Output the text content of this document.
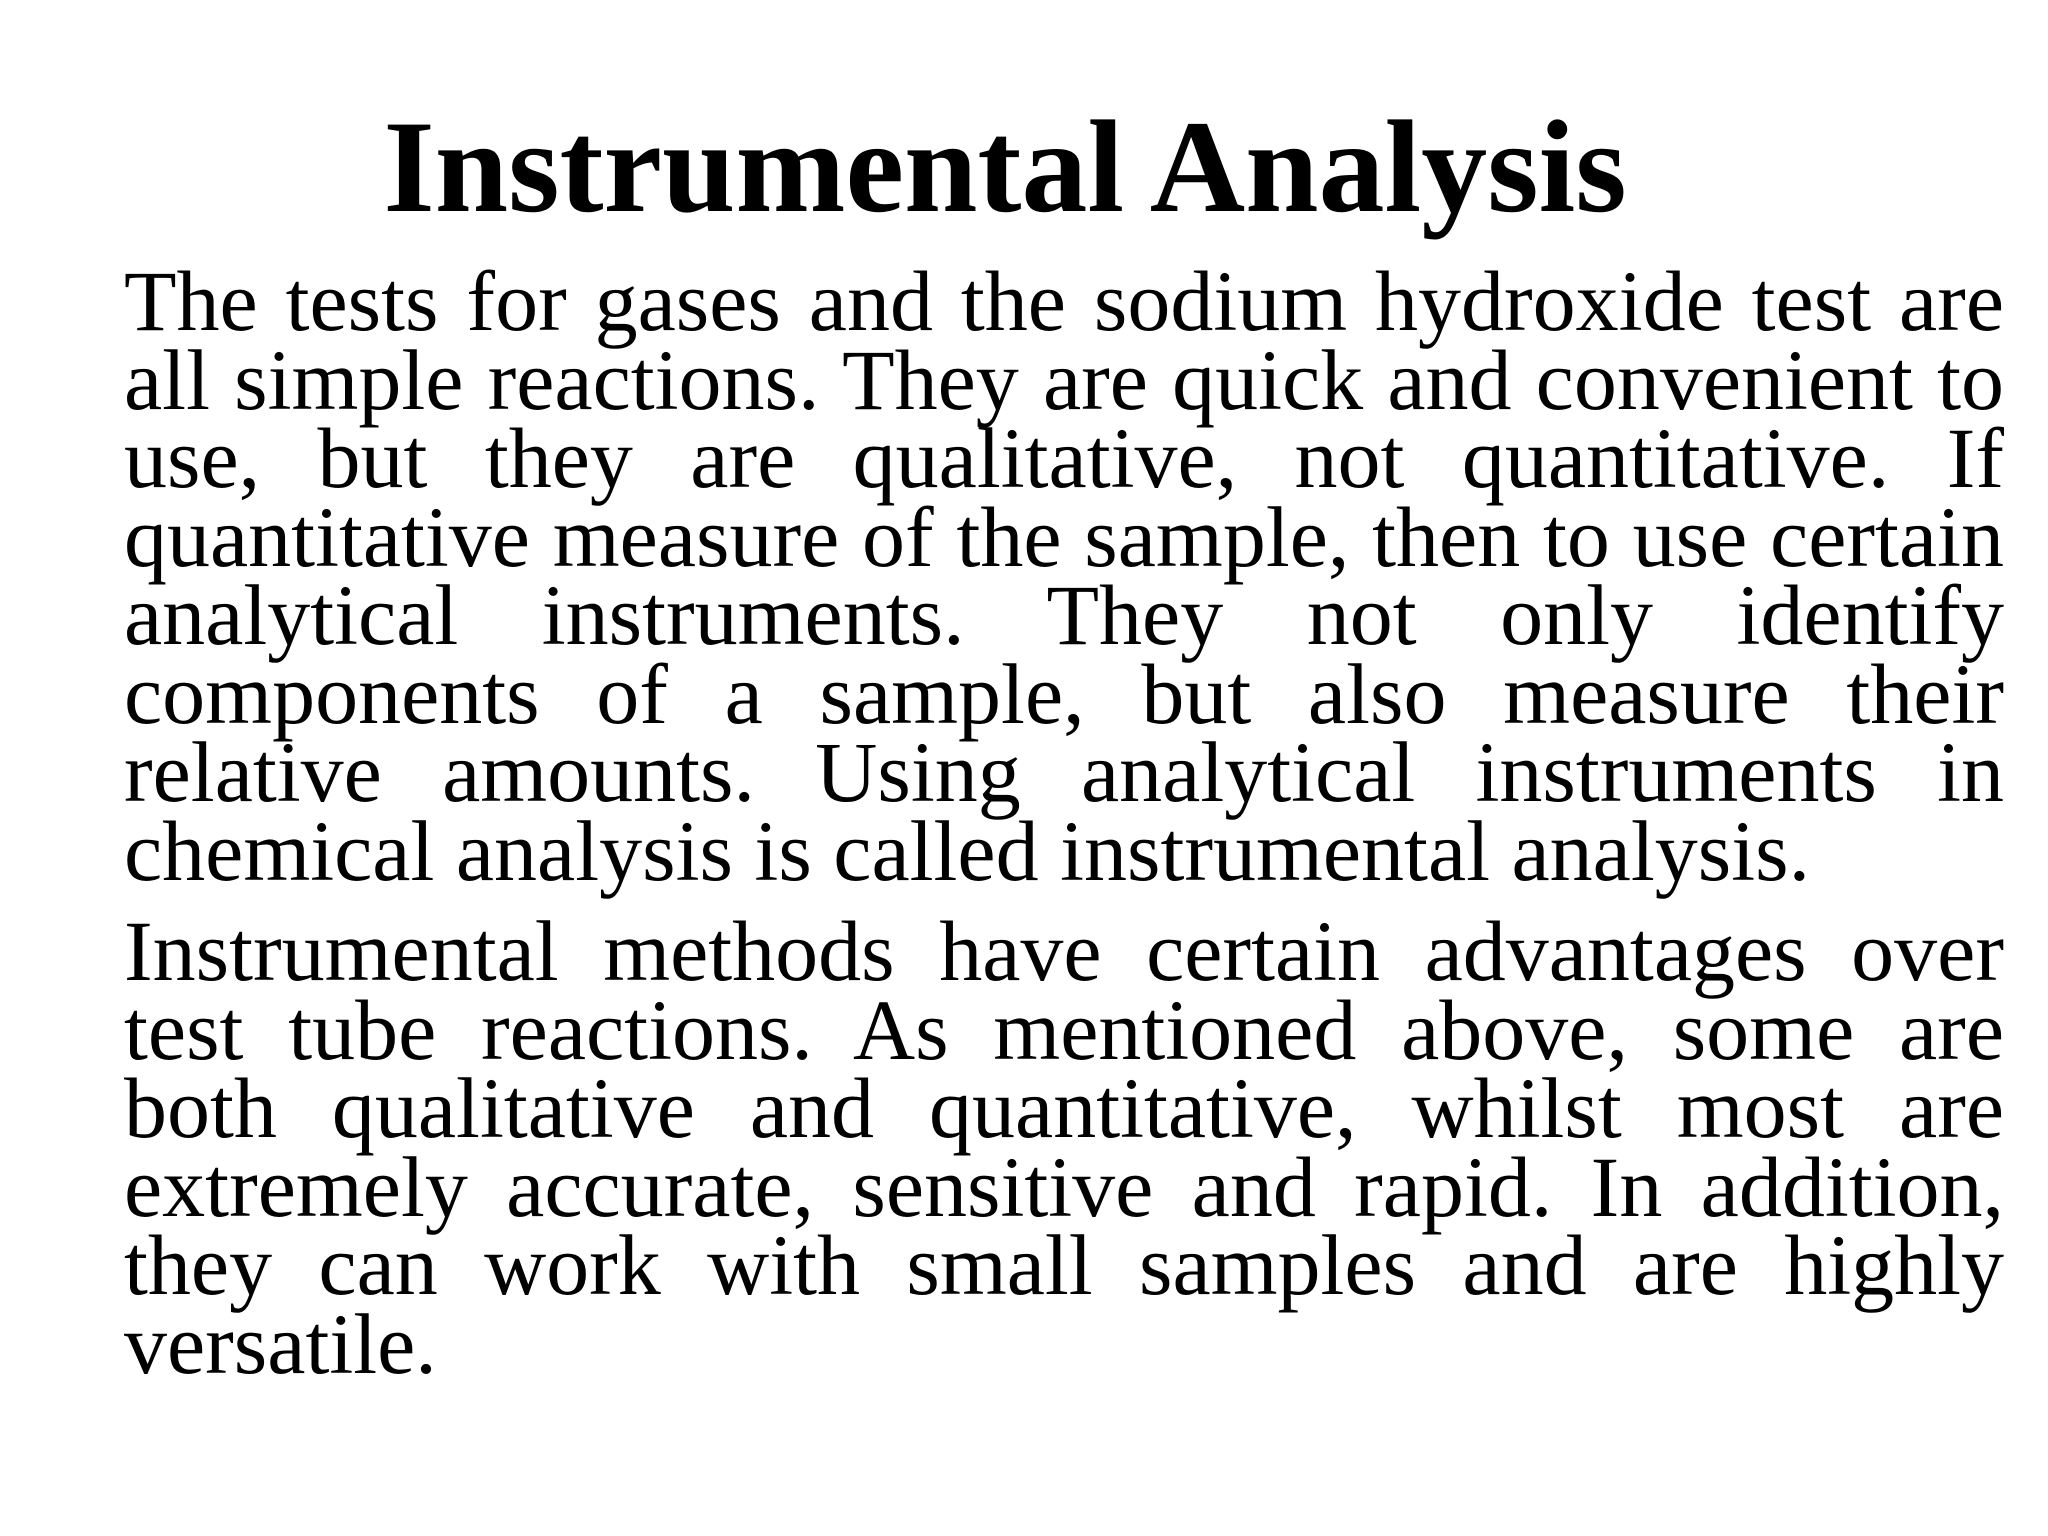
Instrumental Analysis

The tests for gases and the sodium hydroxide test are all simple reactions. They are quick and convenient to use, but they are qualitative, not quantitative. If quantitative measure of the sample, then to use certain analytical instruments. They not only identify components of a sample, but also measure their relative amounts. Using analytical instruments in chemical analysis is called instrumental analysis.

Instrumental methods have certain advantages over test tube reactions. As mentioned above, some are both qualitative and quantitative, whilst most are extremely accurate, sensitive and rapid. In addition, they can work with small samples and are highly versatile.
